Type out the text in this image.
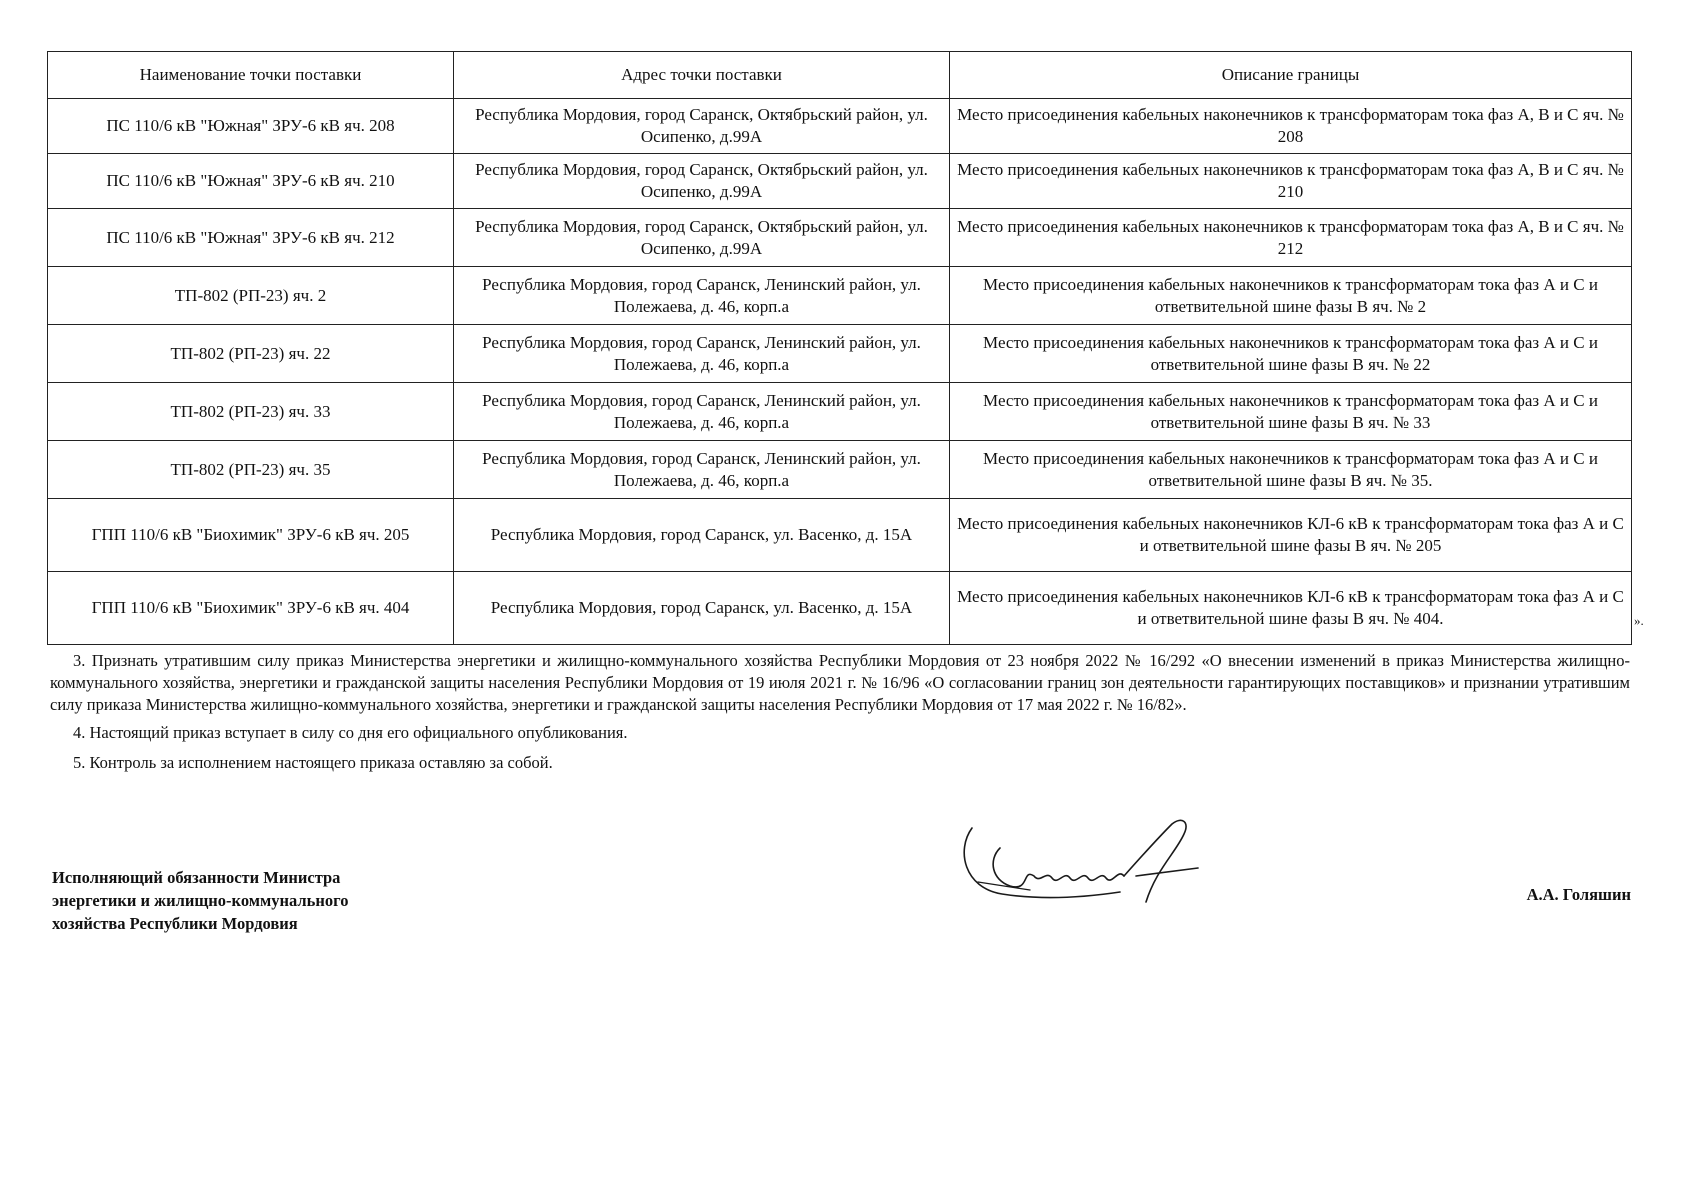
Наименование точки поставки	Адрес точки поставки	Описание границы
ПС 110/6 кВ "Южная" ЗРУ-6 кВ яч. 208	Республика Мордовия, город Саранск, Октябрьский район, ул. Осипенко, д.99А	Место присоединения кабельных наконечников к трансформаторам тока фаз А, В и С яч. № 208
ПС 110/6 кВ "Южная" ЗРУ-6 кВ яч. 210	Республика Мордовия, город Саранск, Октябрьский район, ул. Осипенко, д.99А	Место присоединения кабельных наконечников к трансформаторам тока фаз А, В и С яч. № 210
ПС 110/6 кВ "Южная" ЗРУ-6 кВ яч. 212	Республика Мордовия, город Саранск, Октябрьский район, ул. Осипенко, д.99А	Место присоединения кабельных наконечников к трансформаторам тока фаз А, В и С яч. № 212
ТП-802 (РП-23) яч. 2	Республика Мордовия, город Саранск, Ленинский район, ул. Полежаева, д. 46, корп.а	Место присоединения кабельных наконечников к трансформаторам тока фаз А и С и ответвительной шине фазы В яч. № 2
ТП-802 (РП-23) яч. 22	Республика Мордовия, город Саранск, Ленинский район, ул. Полежаева, д. 46, корп.а	Место присоединения кабельных наконечников к трансформаторам тока фаз А и С и ответвительной шине фазы В яч. № 22
ТП-802 (РП-23) яч. 33	Республика Мордовия, город Саранск, Ленинский район, ул. Полежаева, д. 46, корп.а	Место присоединения кабельных наконечников к трансформаторам тока фаз А и С и ответвительной шине фазы В яч. № 33
ТП-802 (РП-23) яч. 35	Республика Мордовия, город Саранск, Ленинский район, ул. Полежаева, д. 46, корп.а	Место присоединения кабельных наконечников к трансформаторам тока фаз А и С и ответвительной шине фазы В яч. № 35.
ГПП 110/6 кВ "Биохимик" ЗРУ-6 кВ яч. 205	Республика Мордовия, город Саранск, ул. Васенко, д. 15А	Место присоединения кабельных наконечников КЛ-6 кВ к трансформаторам тока фаз А и С и ответвительной шине фазы В яч. № 205
ГПП 110/6 кВ "Биохимик" ЗРУ-6 кВ яч. 404	Республика Мордовия, город Саранск, ул. Васенко, д. 15А	Место присоединения кабельных наконечников КЛ-6 кВ к трансформаторам тока фаз А и С и ответвительной шине фазы В яч. № 404.	».

3. Признать утратившим силу приказ Министерства энергетики и жилищно-коммунального хозяйства Республики Мордовия от 23 ноября 2022 № 16/292 «О внесении изменений в приказ Министерства жилищно-коммунального хозяйства, энергетики и гражданской защиты населения Республики Мордовия от 19 июля 2021 г. № 16/96 «О согласовании границ зон деятельности гарантирующих поставщиков» и признании утратившим силу приказа Министерства жилищно-коммунального хозяйства, энергетики и гражданской защиты населения Республики Мордовия от 17 мая 2022 г. № 16/82».

4. Настоящий приказ вступает в силу со дня его официального опубликования.

5. Контроль за исполнением настоящего приказа оставляю за собой.

Исполняющий обязанности Министра
энергетики и жилищно-коммунального
хозяйства Республики Мордовия
А.А. Голяшин
